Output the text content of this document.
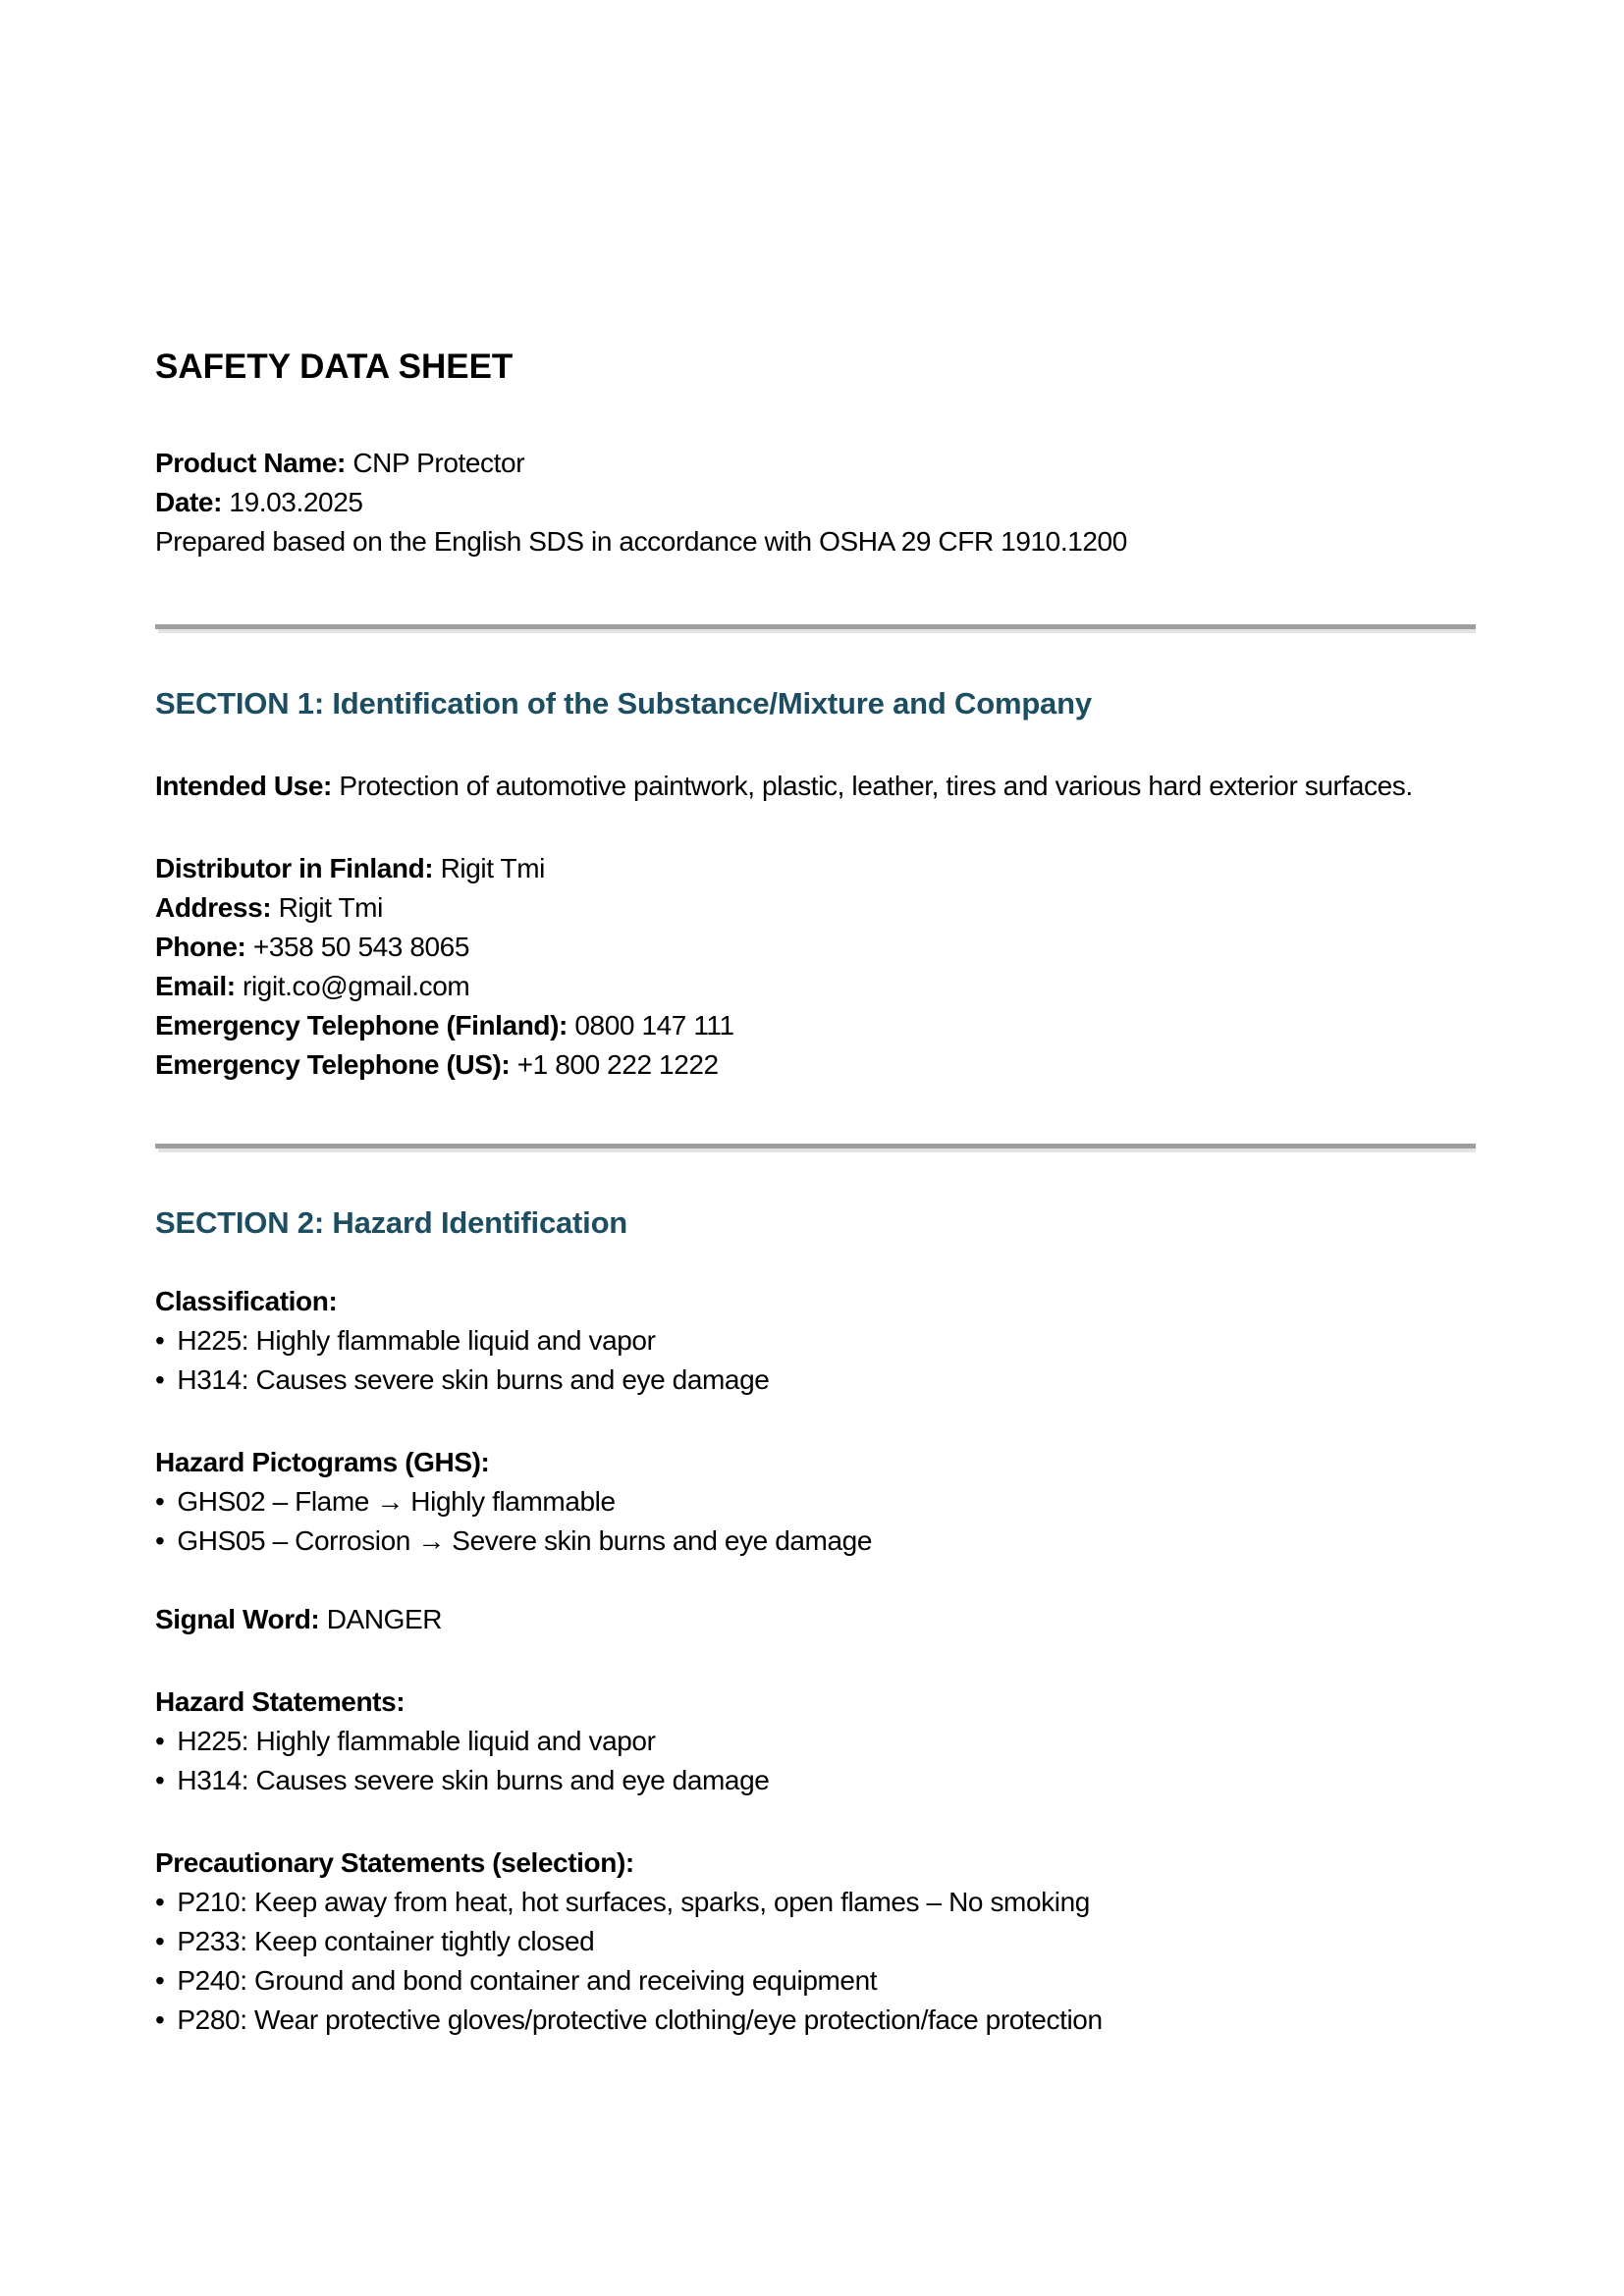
SAFETY DATA SHEET

Product Name: CNP Protector

Date: 19.03.2025

Prepared based on the English SDS in accordance with OSHA 29 CFR 1910.1200

SECTION 1: Identification of the Substance/Mixture and Company

Intended Use: Protection of automotive paintwork, plastic, leather, tires and various hard exterior surfaces.

Distributor in Finland: Rigit Tmi

Address: Rigit Tmi

Phone: +358 50 543 8065

Email: rigit.co@gmail.com

Emergency Telephone (Finland): 0800 147 111

Emergency Telephone (US): +1 800 222 1222

SECTION 2: Hazard Identification

Classification:

• H225: Highly flammable liquid and vapor

• H314: Causes severe skin burns and eye damage

Hazard Pictograms (GHS):

• GHS02 – Flame → Highly flammable

• GHS05 – Corrosion → Severe skin burns and eye damage

Signal Word: DANGER

Hazard Statements:

• H225: Highly flammable liquid and vapor

• H314: Causes severe skin burns and eye damage

Precautionary Statements (selection):

• P210: Keep away from heat, hot surfaces, sparks, open flames – No smoking

• P233: Keep container tightly closed

• P240: Ground and bond container and receiving equipment

• P280: Wear protective gloves/protective clothing/eye protection/face protection
